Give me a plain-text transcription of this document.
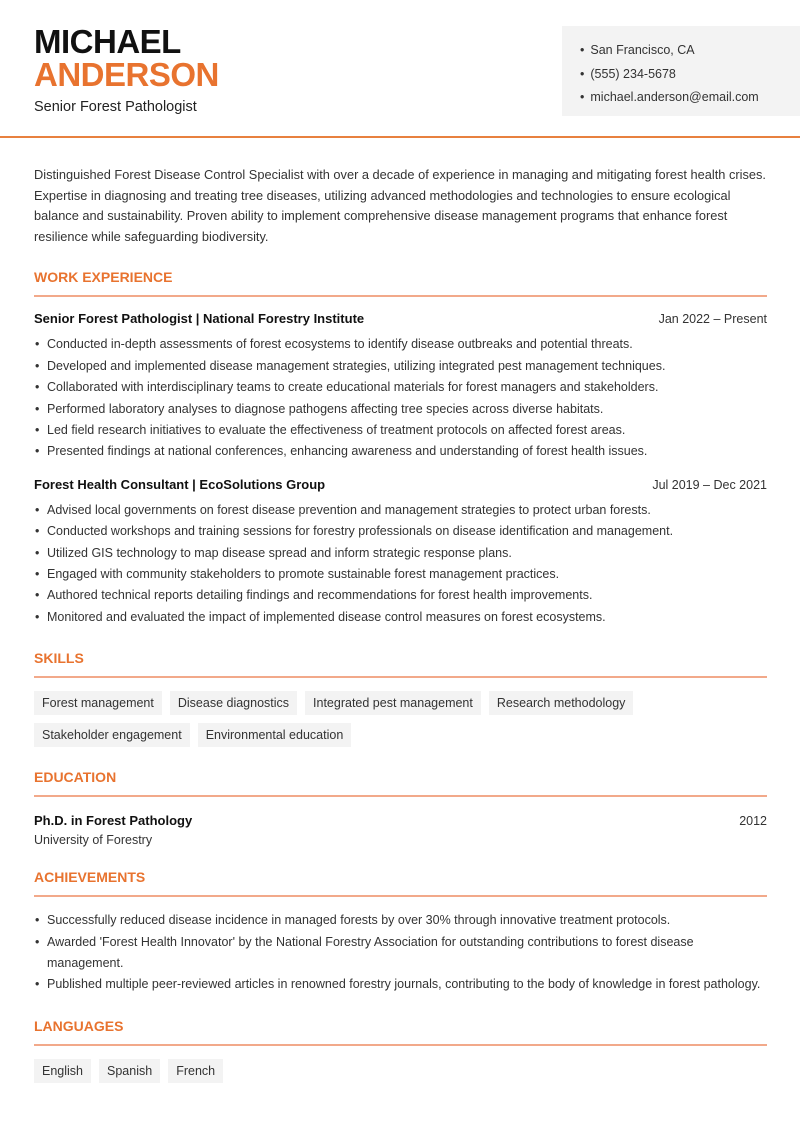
MICHAEL
ANDERSON
Senior Forest Pathologist
• San Francisco, CA
• (555) 234-5678
• michael.anderson@email.com

Distinguished Forest Disease Control Specialist with over a decade of experience in managing and mitigating forest health crises. Expertise in diagnosing and treating tree diseases, utilizing advanced methodologies and technologies to ensure ecological balance and sustainability. Proven ability to implement comprehensive disease management programs that enhance forest resilience while safeguarding biodiversity.

WORK EXPERIENCE
Senior Forest Pathologist | National Forestry Institute	Jan 2022 – Present
• Conducted in-depth assessments of forest ecosystems to identify disease outbreaks and potential threats.
• Developed and implemented disease management strategies, utilizing integrated pest management techniques.
• Collaborated with interdisciplinary teams to create educational materials for forest managers and stakeholders.
• Performed laboratory analyses to diagnose pathogens affecting tree species across diverse habitats.
• Led field research initiatives to evaluate the effectiveness of treatment protocols on affected forest areas.
• Presented findings at national conferences, enhancing awareness and understanding of forest health issues.
Forest Health Consultant | EcoSolutions Group	Jul 2019 – Dec 2021
• Advised local governments on forest disease prevention and management strategies to protect urban forests.
• Conducted workshops and training sessions for forestry professionals on disease identification and management.
• Utilized GIS technology to map disease spread and inform strategic response plans.
• Engaged with community stakeholders to promote sustainable forest management practices.
• Authored technical reports detailing findings and recommendations for forest health improvements.
• Monitored and evaluated the impact of implemented disease control measures on forest ecosystems.
SKILLS
Forest management	Disease diagnostics	Integrated pest management	Research methodology
Stakeholder engagement	Environmental education
EDUCATION
Ph.D. in Forest Pathology	2012
University of Forestry
ACHIEVEMENTS
• Successfully reduced disease incidence in managed forests by over 30% through innovative treatment protocols.
• Awarded 'Forest Health Innovator' by the National Forestry Association for outstanding contributions to forest disease management.
• Published multiple peer-reviewed articles in renowned forestry journals, contributing to the body of knowledge in forest pathology.
LANGUAGES
English	Spanish	French
